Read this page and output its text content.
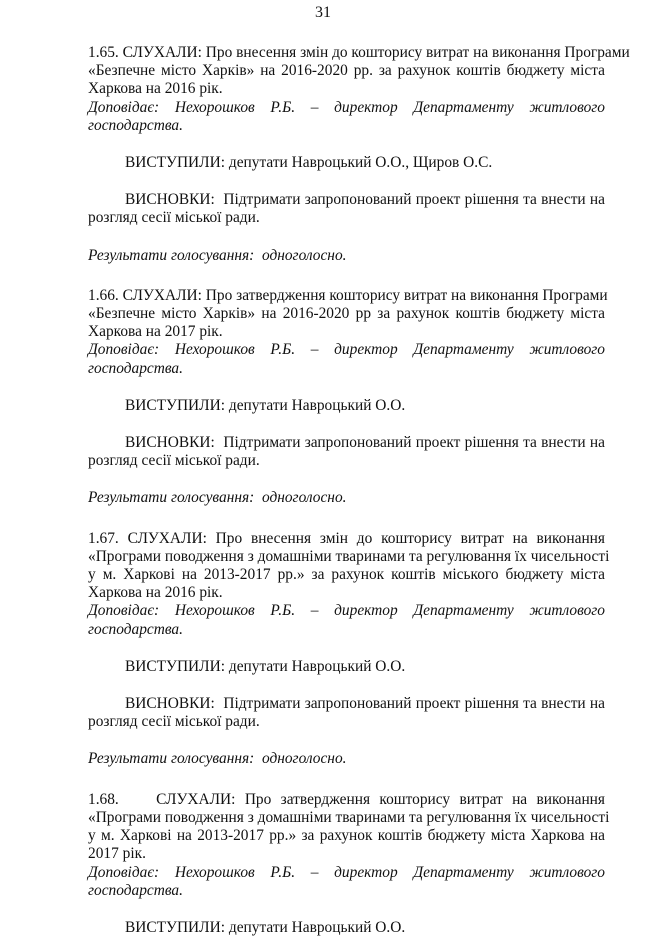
31
1.65. СЛУХАЛИ: Про внесення змін до кошторису витрат на виконання Програми
«Безпечне місто Харків» на 2016-2020 рр. за рахунок коштів бюджету міста
Харкова на 2016 рік.
Доповідає: Нехорошков Р.Б. – директор Департаменту житлового
господарства.
ВИСТУПИЛИ: депутати Навроцький О.О., Щиров О.С.
ВИСНОВКИ: Підтримати запропонований проект рішення та внести на
розгляд сесії міської ради.
Результати голосування: одноголосно.
1.66. СЛУХАЛИ: Про затвердження кошторису витрат на виконання Програми
«Безпечне місто Харків» на 2016-2020 рр за рахунок коштів бюджету міста
Харкова на 2017 рік.
Доповідає: Нехорошков Р.Б. – директор Департаменту житлового
господарства.
ВИСТУПИЛИ: депутати Навроцький О.О.
ВИСНОВКИ: Підтримати запропонований проект рішення та внести на
розгляд сесії міської ради.
Результати голосування: одноголосно.
1.67. СЛУХАЛИ: Про внесення змін до кошторису витрат на виконання
«Програми поводження з домашніми тваринами та регулювання їх чисельності
у м. Харкові на 2013-2017 рр.» за рахунок коштів міського бюджету міста
Харкова на 2016 рік.
Доповідає: Нехорошков Р.Б. – директор Департаменту житлового
господарства.
ВИСТУПИЛИ: депутати Навроцький О.О.
ВИСНОВКИ: Підтримати запропонований проект рішення та внести на
розгляд сесії міської ради.
Результати голосування: одноголосно.
1.68. СЛУХАЛИ: Про затвердження кошторису витрат на виконання
«Програми поводження з домашніми тваринами та регулювання їх чисельності
у м. Харкові на 2013-2017 рр.» за рахунок коштів бюджету міста Харкова на
2017 рік.
Доповідає: Нехорошков Р.Б. – директор Департаменту житлового
господарства.
ВИСТУПИЛИ: депутати Навроцький О.О.
